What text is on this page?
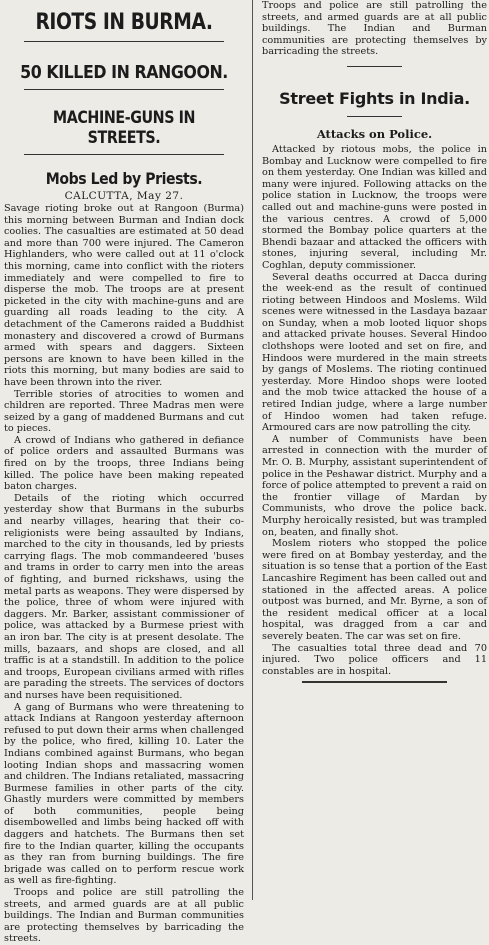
RIOTS IN BURMA.
50 KILLED IN RANGOON.
MACHINE-GUNS IN STREETS.
Mobs Led by Priests.
CALCUTTA, May 27.

Savage rioting broke out at Rangoon (Burma) this morning between Burman and Indian dock coolies. The casualties are estimated at 50 dead and more than 700 were injured. The Cameron Highlanders, who were called out at 11 o'clock this morning, came into conflict with the rioters immediately and were compelled to fire to disperse the mob. The troops are at present picketed in the city with machine-guns and are guarding all roads leading to the city. A detachment of the Camerons raided a Buddhist monastery and discovered a crowd of Burmans armed with spears and daggers. Sixteen persons are known to have been killed in the riots this morning, but many bodies are said to have been thrown into the river.

Terrible stories of atrocities to women and children are reported. Three Madras men were seized by a gang of maddened Burmans and cut to pieces.

A crowd of Indians who gathered in defiance of police orders and assaulted Burmans was fired on by the troops, three Indians being killed. The police have been making repeated baton charges.

Details of the rioting which occurred yesterday show that Burmans in the suburbs and nearby villages, hearing that their co-religionists were being assaulted by Indians, marched to the city in thousands, led by priests carrying flags. The mob commandeered 'buses and trams in order to carry men into the areas of fighting, and burned rickshaws, using the metal parts as weapons. They were dispersed by the police, three of whom were injured with daggers. Mr. Barker, assistant commissioner of police, was attacked by a Burmese priest with an iron bar. The city is at present desolate. The mills, bazaars, and shops are closed, and all traffic is at a standstill. In addition to the police and troops, European civilians armed with rifles are parading the streets. The services of doctors and nurses have been requisitioned.

A gang of Burmans who were threatening to attack Indians at Rangoon yesterday afternoon refused to put down their arms when challenged by the police, who fired, killing 10. Later the Indians combined against Burmans, who began looting Indian shops and massacring women and children. The Indians retaliated, massacring Burmese families in other parts of the city. Ghastly murders were committed by members of both communities, people being disembowelled and limbs being hacked off with daggers and hatchets. The Burmans then set fire to the Indian quarter, killing the occupants as they ran from burning buildings. The fire brigade was called on to perform rescue work as well as fire-fighting.

Troops and police are still patrolling the streets, and armed guards are at all public buildings. The Indian and Burman communities are protecting themselves by barricading the streets.

Troops and police are still patrolling the streets, and armed guards are at all public buildings. The Indian and Burman communities are protecting themselves by barricading the streets.
Street Fights in India.
Attacks on Police.

Attacked by riotous mobs, the police in Bombay and Lucknow were compelled to fire on them yesterday. One Indian was killed and many were injured. Following attacks on the police station in Lucknow, the troops were called out and machine-guns were posted in the various centres. A crowd of 5,000 stormed the Bombay police quarters at the Bhendi bazaar and attacked the officers with stones, injuring several, including Mr. Coghlan, deputy commissioner.

Several deaths occurred at Dacca during the week-end as the result of continued rioting between Hindoos and Moslems. Wild scenes were witnessed in the Lasdaya bazaar on Sunday, when a mob looted liquor shops and attacked private houses. Several Hindoo clothshops were looted and set on fire, and Hindoos were murdered in the main streets by gangs of Moslems. The rioting continued yesterday. More Hindoo shops were looted and the mob twice attacked the house of a retired Indian judge, where a large number of Hindoo women had taken refuge. Armoured cars are now patrolling the city.

A number of Communists have been arrested in connection with the murder of Mr. O. B. Murphy, assistant superintendent of police in the Peshawar district. Murphy and a force of police attempted to prevent a raid on the frontier village of Mardan by Communists, who drove the police back. Murphy heroically resisted, but was trampled on, beaten, and finally shot.

Moslem rioters who stopped the police were fired on at Bombay yesterday, and the situation is so tense that a portion of the East Lancashire Regiment has been called out and stationed in the affected areas. A police outpost was burned, and Mr. Byrne, a son of the resident medical officer at a local hospital, was dragged from a car and severely beaten. The car was set on fire.

The casualties total three dead and 70 injured. Two police officers and 11 constables are in hospital.
